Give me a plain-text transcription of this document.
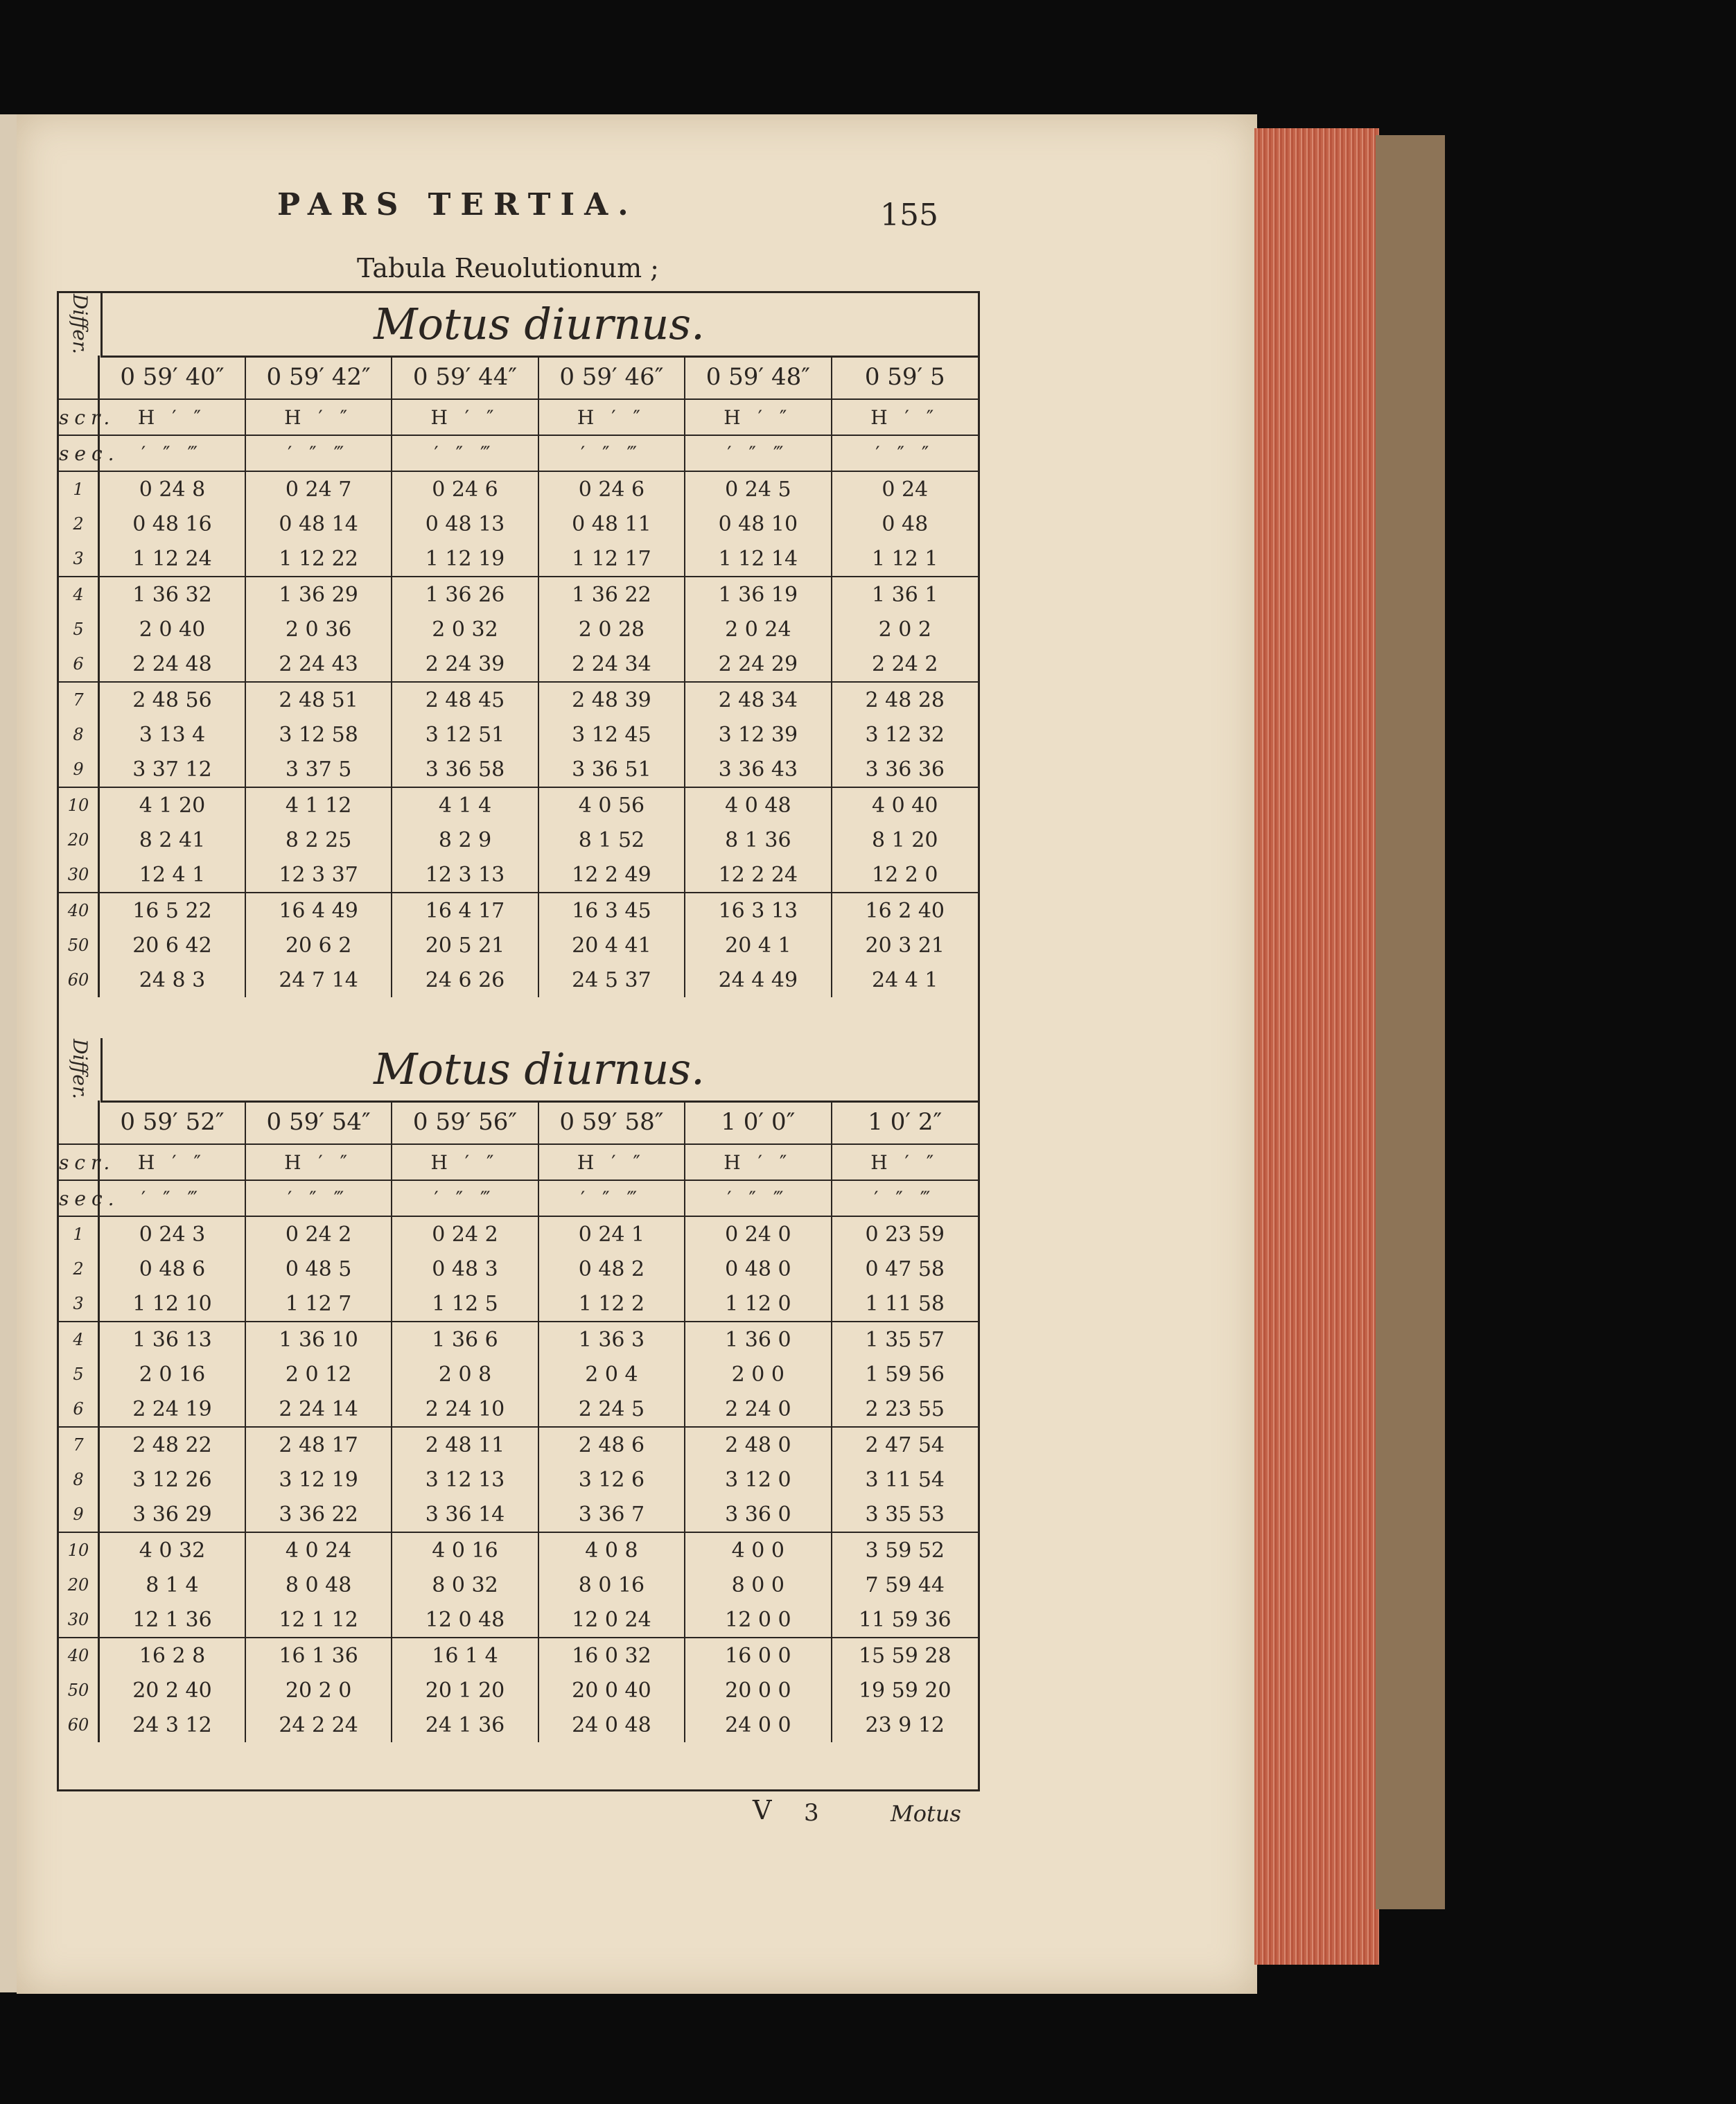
PARS TERTIA.	155
Tabula Reuolutionum ;
Differ.	Motus diurnus.
	0 59′ 40″	0 59′ 42″	0 59′ 44″	0 59′ 46″	0 59′ 48″	0 59′ 5
scr.	H ′ ″	H ′ ″	H ′ ″	H ′ ″	H ′ ″	H ′ ″
sec.	′ ″ ‴	′ ″ ‴	′ ″ ‴	′ ″ ‴	′ ″ ‴	′ ″ ″
1	0 24 8	0 24 7	0 24 6	0 24 6	0 24 5	0 24
2	0 48 16	0 48 14	0 48 13	0 48 11	0 48 10	0 48
3	1 12 24	1 12 22	1 12 19	1 12 17	1 12 14	1 12 1
4	1 36 32	1 36 29	1 36 26	1 36 22	1 36 19	1 36 1
5	2 0 40	2 0 36	2 0 32	2 0 28	2 0 24	2 0 2
6	2 24 48	2 24 43	2 24 39	2 24 34	2 24 29	2 24 2
7	2 48 56	2 48 51	2 48 45	2 48 39	2 48 34	2 48 28
8	3 13 4	3 12 58	3 12 51	3 12 45	3 12 39	3 12 32
9	3 37 12	3 37 5	3 36 58	3 36 51	3 36 43	3 36 36
10	4 1 20	4 1 12	4 1 4	4 0 56	4 0 48	4 0 40
20	8 2 41	8 2 25	8 2 9	8 1 52	8 1 36	8 1 20
30	12 4 1	12 3 37	12 3 13	12 2 49	12 2 24	12 2 0
40	16 5 22	16 4 49	16 4 17	16 3 45	16 3 13	16 2 40
50	20 6 42	20 6 2	20 5 21	20 4 41	20 4 1	20 3 21
60	24 8 3	24 7 14	24 6 26	24 5 37	24 4 49	24 4 1
Differ.	Motus diurnus.
	0 59′ 52″	0 59′ 54″	0 59′ 56″	0 59′ 58″	1 0′ 0″	1 0′ 2″
scr.	H ′ ″	H ′ ″	H ′ ″	H ′ ″	H ′ ″	H ′ ″
sec.	′ ″ ‴	′ ″ ‴	′ ″ ‴	′ ″ ‴	′ ″ ‴	′ ″ ‴
1	0 24 3	0 24 2	0 24 2	0 24 1	0 24 0	0 23 59
2	0 48 6	0 48 5	0 48 3	0 48 2	0 48 0	0 47 58
3	1 12 10	1 12 7	1 12 5	1 12 2	1 12 0	1 11 58
4	1 36 13	1 36 10	1 36 6	1 36 3	1 36 0	1 35 57
5	2 0 16	2 0 12	2 0 8	2 0 4	2 0 0	1 59 56
6	2 24 19	2 24 14	2 24 10	2 24 5	2 24 0	2 23 55
7	2 48 22	2 48 17	2 48 11	2 48 6	2 48 0	2 47 54
8	3 12 26	3 12 19	3 12 13	3 12 6	3 12 0	3 11 54
9	3 36 29	3 36 22	3 36 14	3 36 7	3 36 0	3 35 53
10	4 0 32	4 0 24	4 0 16	4 0 8	4 0 0	3 59 52
20	8 1 4	8 0 48	8 0 32	8 0 16	8 0 0	7 59 44
30	12 1 36	12 1 12	12 0 48	12 0 24	12 0 0	11 59 36
40	16 2 8	16 1 36	16 1 4	16 0 32	16 0 0	15 59 28
50	20 2 40	20 2 0	20 1 20	20 0 40	20 0 0	19 59 20
60	24 3 12	24 2 24	24 1 36	24 0 48	24 0 0	23 9 12
V 3	Motus
